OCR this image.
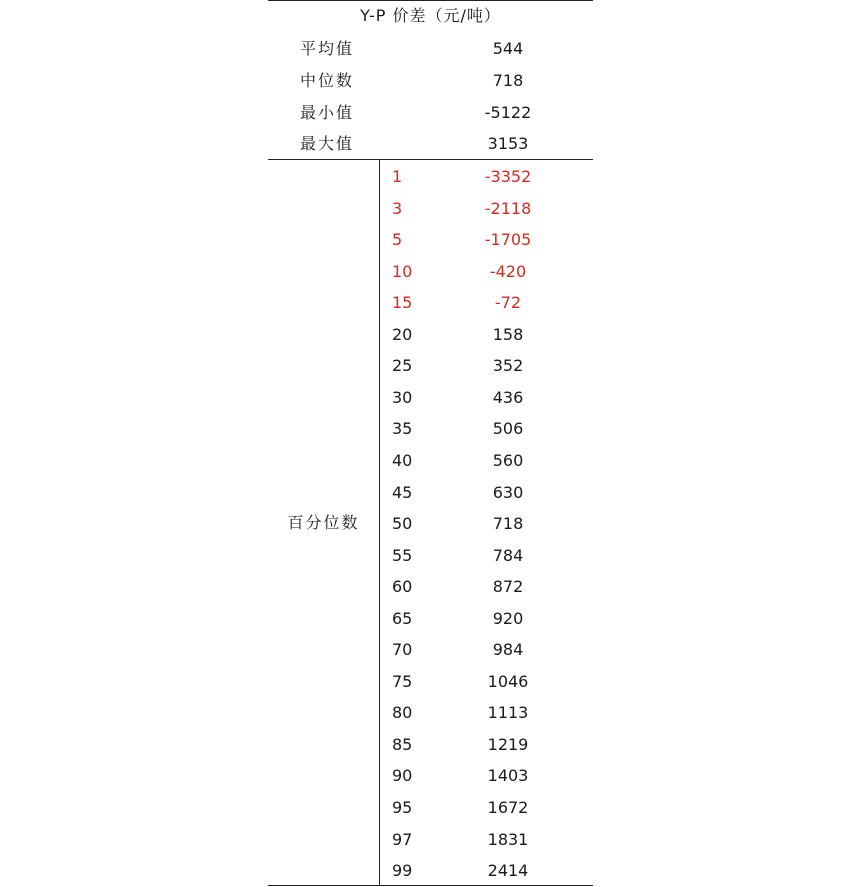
Y-P 价差（元/吨）
平均值	544
中位数	718
最小值	-5122
最大值	3153
百分位数
1	-3352
3	-2118
5	-1705
10	-420
15	-72
20	158
25	352
30	436
35	506
40	560
45	630
50	718
55	784
60	872
65	920
70	984
75	1046
80	1113
85	1219
90	1403
95	1672
97	1831
99	2414
